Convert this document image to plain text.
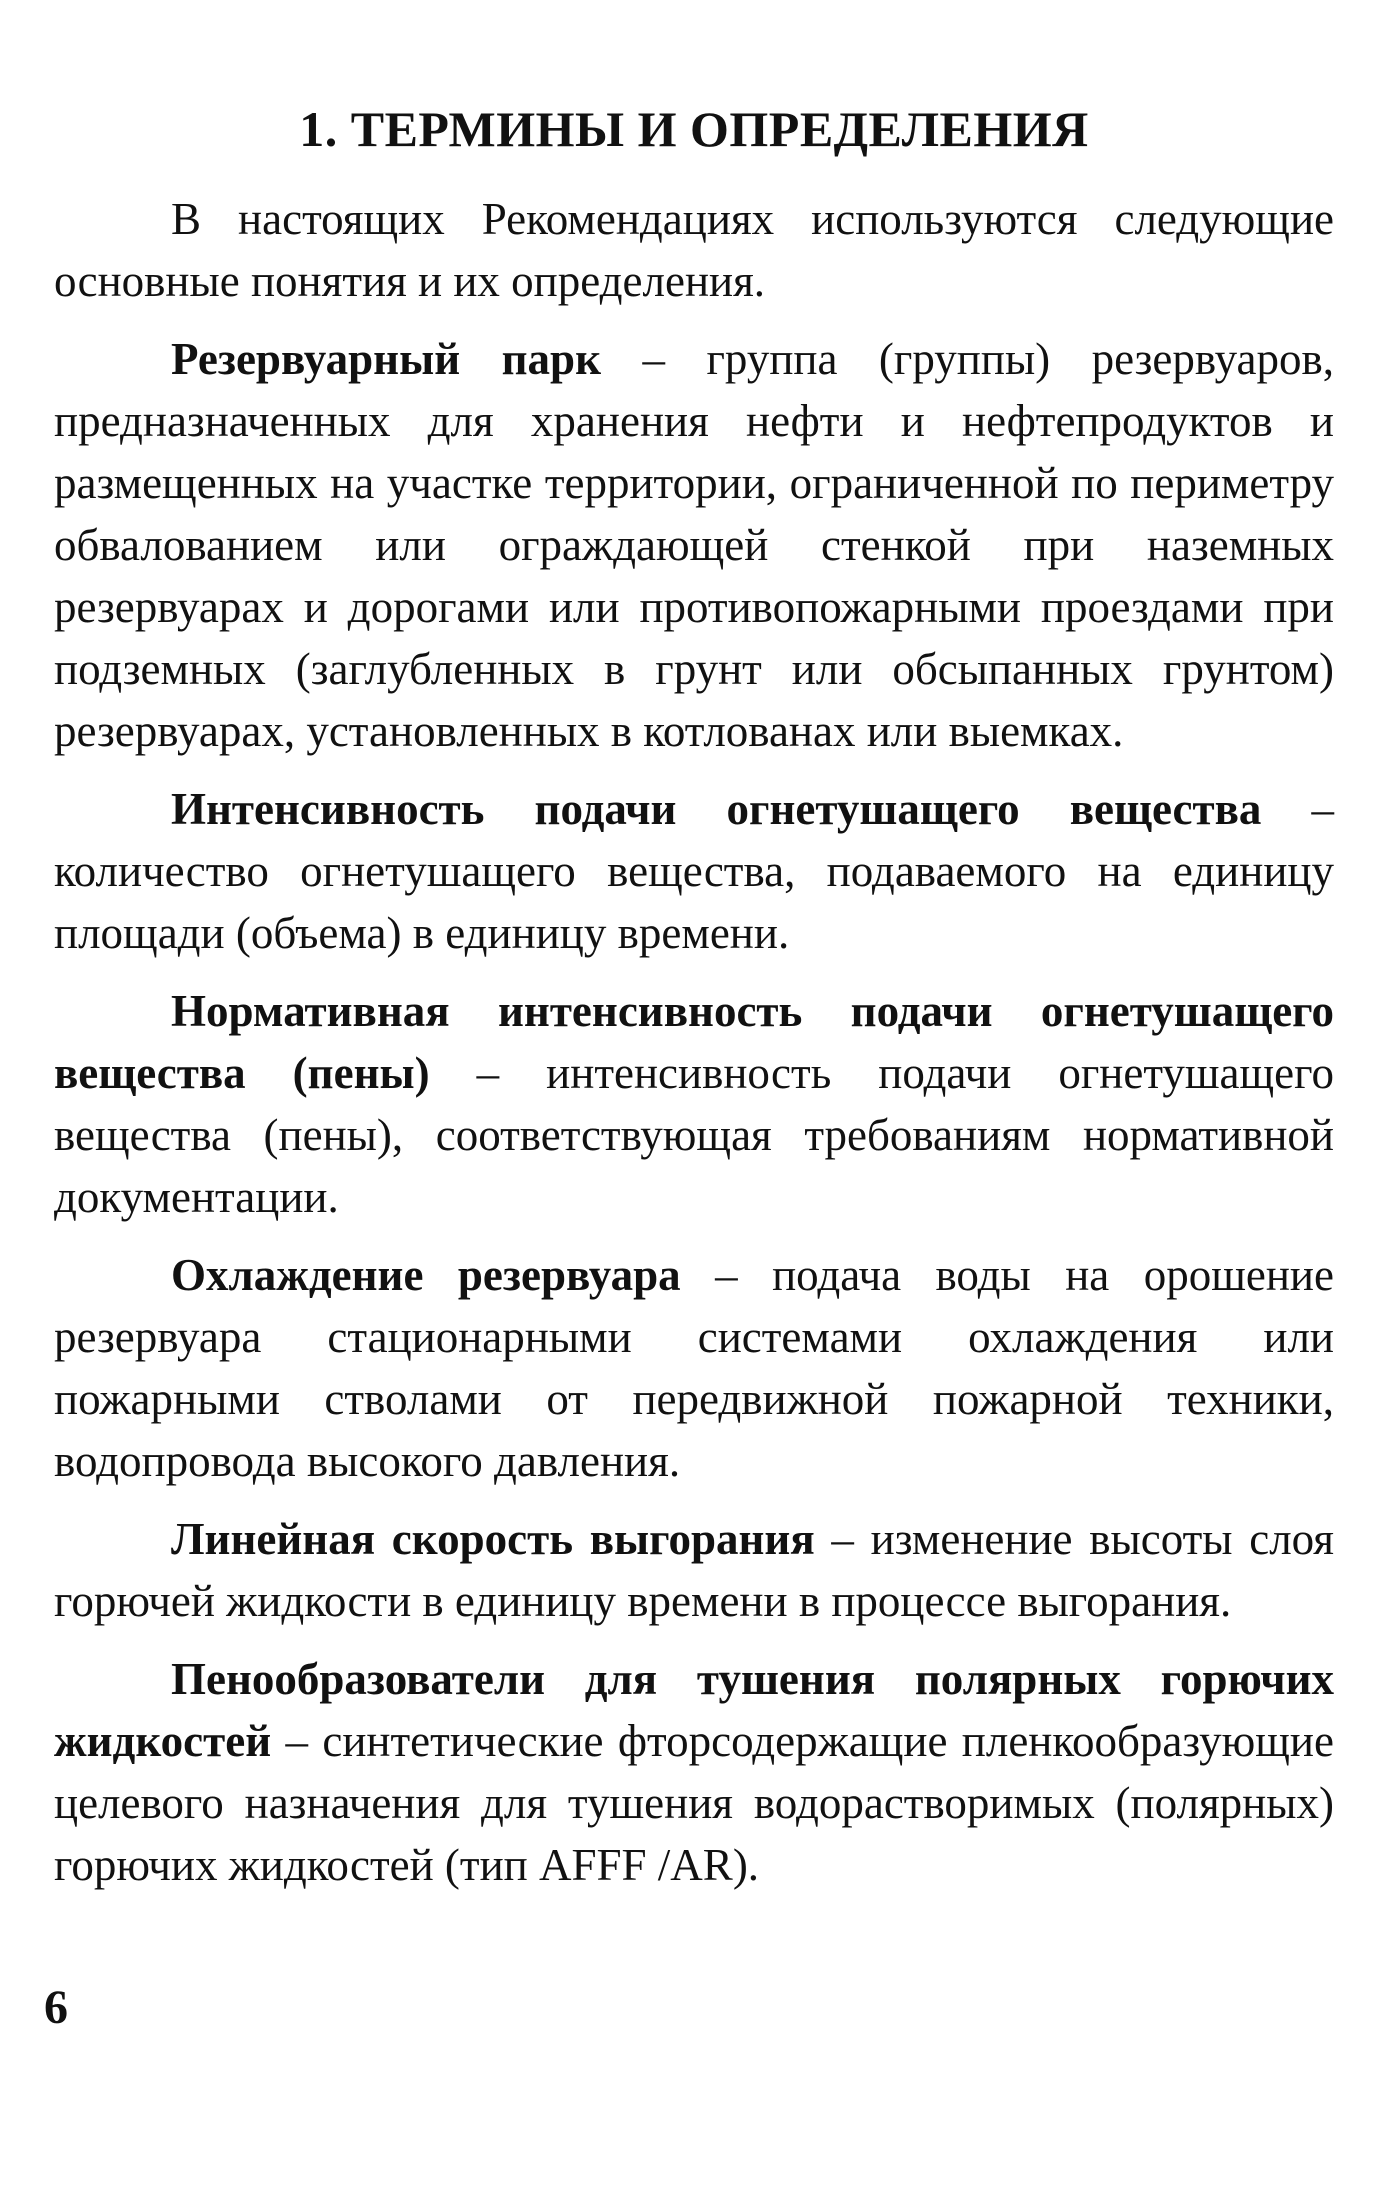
1. ТЕРМИНЫ И ОПРЕДЕЛЕНИЯ

В настоящих Рекомендациях используются следующие основные понятия и их определения.

Резервуарный парк – группа (группы) резервуаров, предназначенных для хранения нефти и нефтепродуктов и размещенных на участке территории, ограниченной по периметру обвалованием или ограждающей стенкой при наземных резервуарах и дорогами или противопожарными проездами при подземных (заглубленных в грунт или обсыпанных грунтом) резервуарах, установленных в котлованах или выемках.

Интенсивность подачи огнетушащего вещества – количество огнетушащего вещества, подаваемого на единицу площади (объема) в единицу времени.

Нормативная интенсивность подачи огнетушащего вещества (пены) – интенсивность подачи огнетушащего вещества (пены), соответствующая требованиям нормативной документации.

Охлаждение резервуара – подача воды на орошение резервуара стационарными системами охлаждения или пожарными стволами от передвижной пожарной техники, водопровода высокого давления.

Линейная скорость выгорания – изменение высоты слоя горючей жидкости в единицу времени в процессе выгорания.

Пенообразователи для тушения полярных горючих жидкостей – синтетические фторсодержащие пленкообразующие целевого назначения для тушения водорастворимых (полярных) горючих жидкостей (тип AFFF /AR).

6
